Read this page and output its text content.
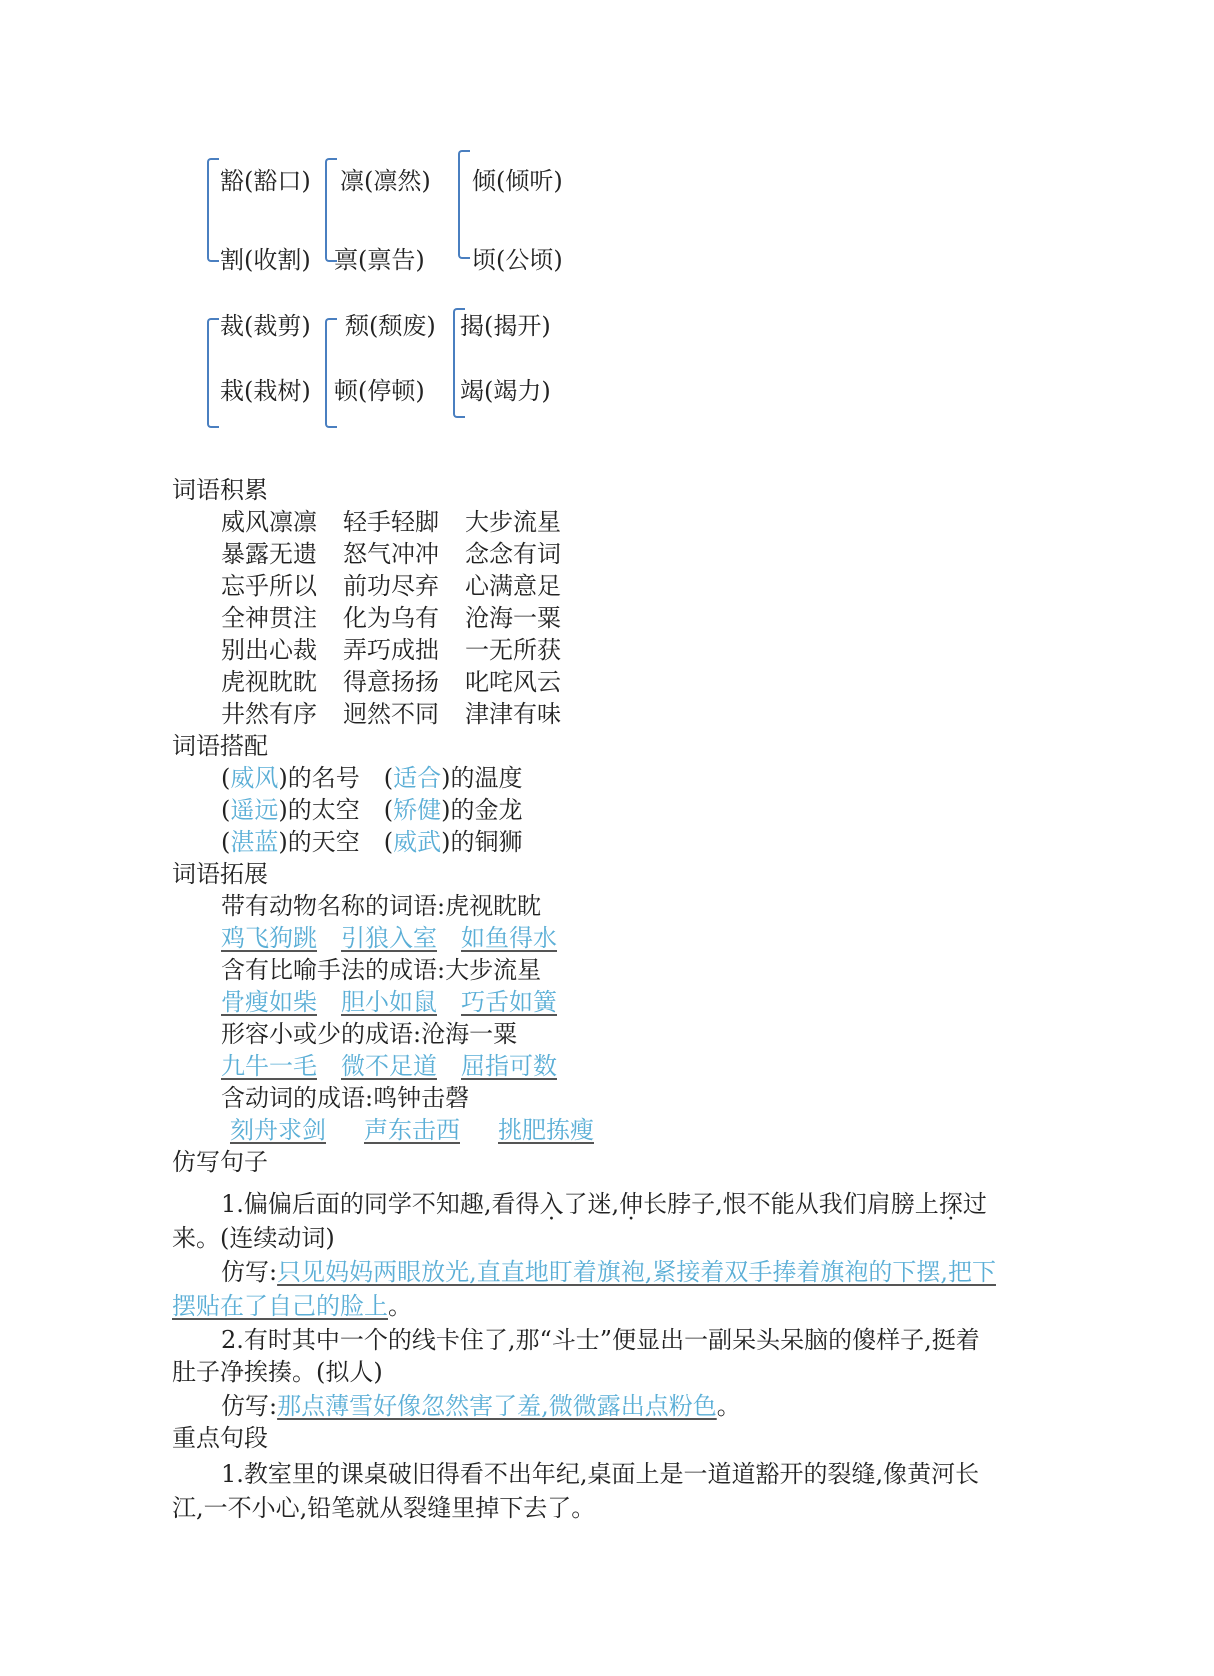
豁(豁口)
割(收割)
凛(凛然)
禀(禀告)
倾(倾听)
顷(公顷)
裁(裁剪)
栽(栽树)
颓(颓废)
顿(停顿)
揭(揭开)
竭(竭力)
词语积累
威风凛凛 轻手轻脚 大步流星
暴露无遗 怒气冲冲 念念有词
忘乎所以 前功尽弃 心满意足
全神贯注 化为乌有 沧海一粟
别出心裁 弄巧成拙 一无所获
虎视眈眈 得意扬扬 叱咤风云
井然有序 迥然不同 津津有味
词语搭配
(威风)的名号 (适合)的温度
(遥远)的太空 (矫健)的金龙
(湛蓝)的天空 (威武)的铜狮
词语拓展
带有动物名称的词语:虎视眈眈
鸡飞狗跳 引狼入室 如鱼得水
含有比喻手法的成语:大步流星
骨瘦如柴 胆小如鼠 巧舌如簧
形容小或少的成语:沧海一粟
九牛一毛 微不足道 屈指可数
含动词的成语:鸣钟击磬
刻舟求剑 声东击西 挑肥拣瘦
仿写句子
1.偏偏后面的同学不知趣,看得入了迷,伸长脖子,恨不能从我们肩膀上探过
来。(连续动词)
仿写:只见妈妈两眼放光,直直地盯着旗袍,紧接着双手捧着旗袍的下摆,把下
摆贴在了自己的脸上。
2.有时其中一个的线卡住了,那“斗士”便显出一副呆头呆脑的傻样子,挺着
肚子净挨揍。(拟人)
仿写:那点薄雪好像忽然害了羞,微微露出点粉色。
重点句段
1.教室里的课桌破旧得看不出年纪,桌面上是一道道豁开的裂缝,像黄河长
江,一不小心,铅笔就从裂缝里掉下去了。
